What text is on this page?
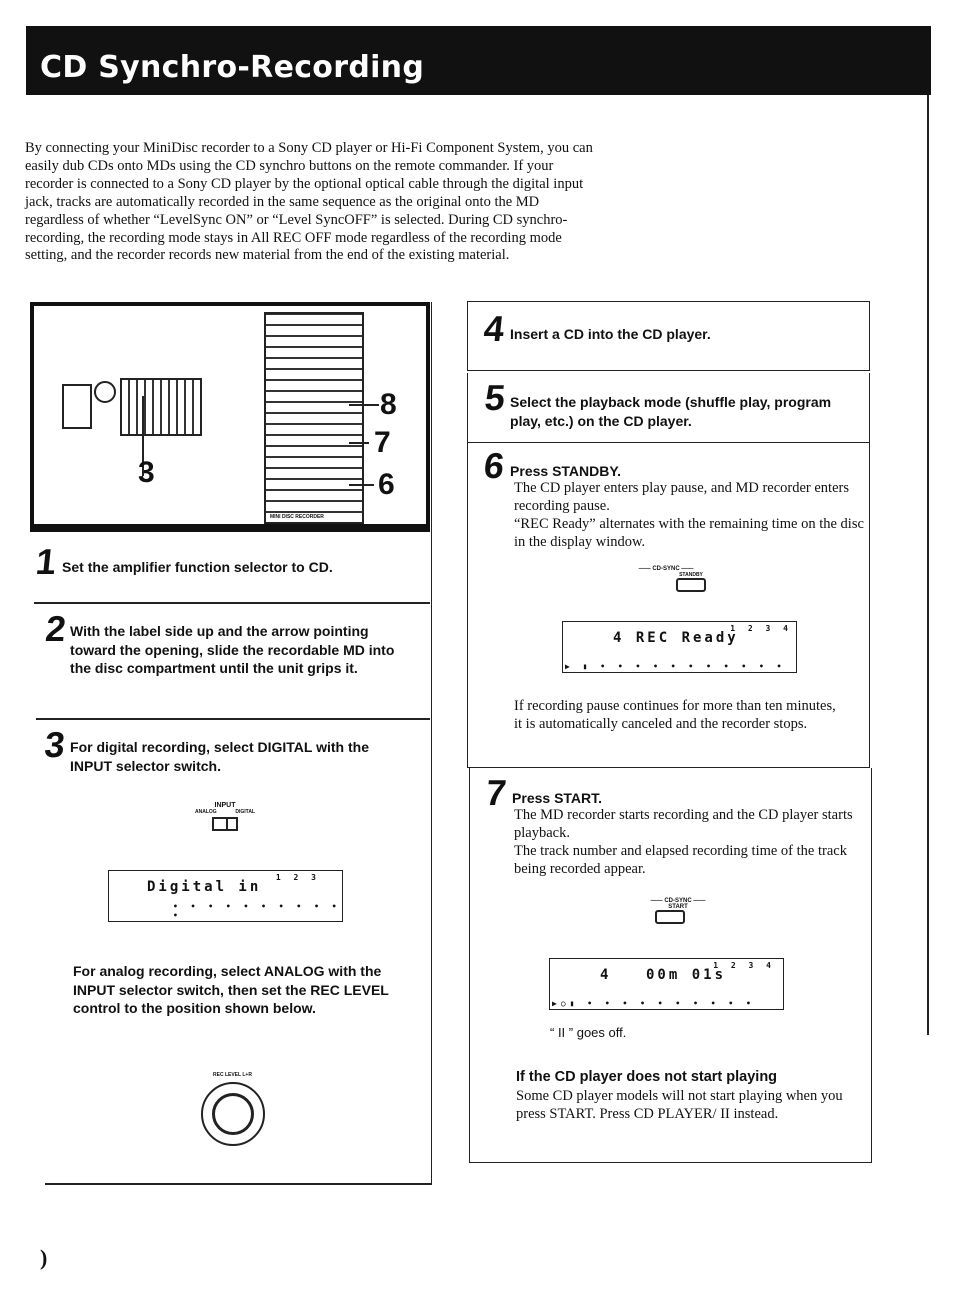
CD Synchro-Recording

By connecting your MiniDisc recorder to a Sony CD player or Hi-Fi Component System, you can easily dub CDs onto MDs using the CD synchro buttons on the remote commander. If your recorder is connected to a Sony CD player by the optional optical cable through the digital input jack, tracks are automatically recorded in the same sequence as the original onto the MD regardless of whether “LevelSync ON” or “Level SyncOFF” is selected. During CD synchro-recording, the recording mode stays in All REC OFF mode regardless of the recording mode setting, and the recorder records new material from the end of the existing material.

3
MINI DISC RECORDER
8
7
6
1 Set the amplifier function selector to CD.
2 With the label side up and the arrow pointing toward the opening, slide the recordable MD into the disc compartment until the unit grips it.
3 For digital recording, select DIGITAL with the INPUT selector switch.
INPUT
ANALOG	DIGITAL
Digital in
1 2 3
• • • • • • • • • • •

For analog recording, select ANALOG with the INPUT selector switch, then set the REC LEVEL control to the position shown below.

REC LEVEL L+R
4 Insert a CD into the CD player.
5 Select the playback mode (shuffle play, program play, etc.) on the CD player.
6 Press STANDBY.

The CD player enters play pause, and MD recorder enters recording pause.
“REC Ready” alternates with the remaining time on the disc in the display window.

—— CD-SYNC ——
STANDBY
4 REC Ready
1 2 3 4
▶ ▮ • • • • • • • • • • •

If recording pause continues for more than ten minutes, it is automatically canceled and the recorder stops.

7 Press START.

The MD recorder starts recording and the CD player starts playback.
The track number and elapsed recording time of the track being recorded appear.

—— CD-SYNC ——
START
4 00m 01s
1 2 3 4
▶○▮ • • • • • • • • • •

“ II ” goes off.

If the CD player does not start playing

Some CD player models will not start playing when you press START. Press CD PLAYER/ II instead.

)
